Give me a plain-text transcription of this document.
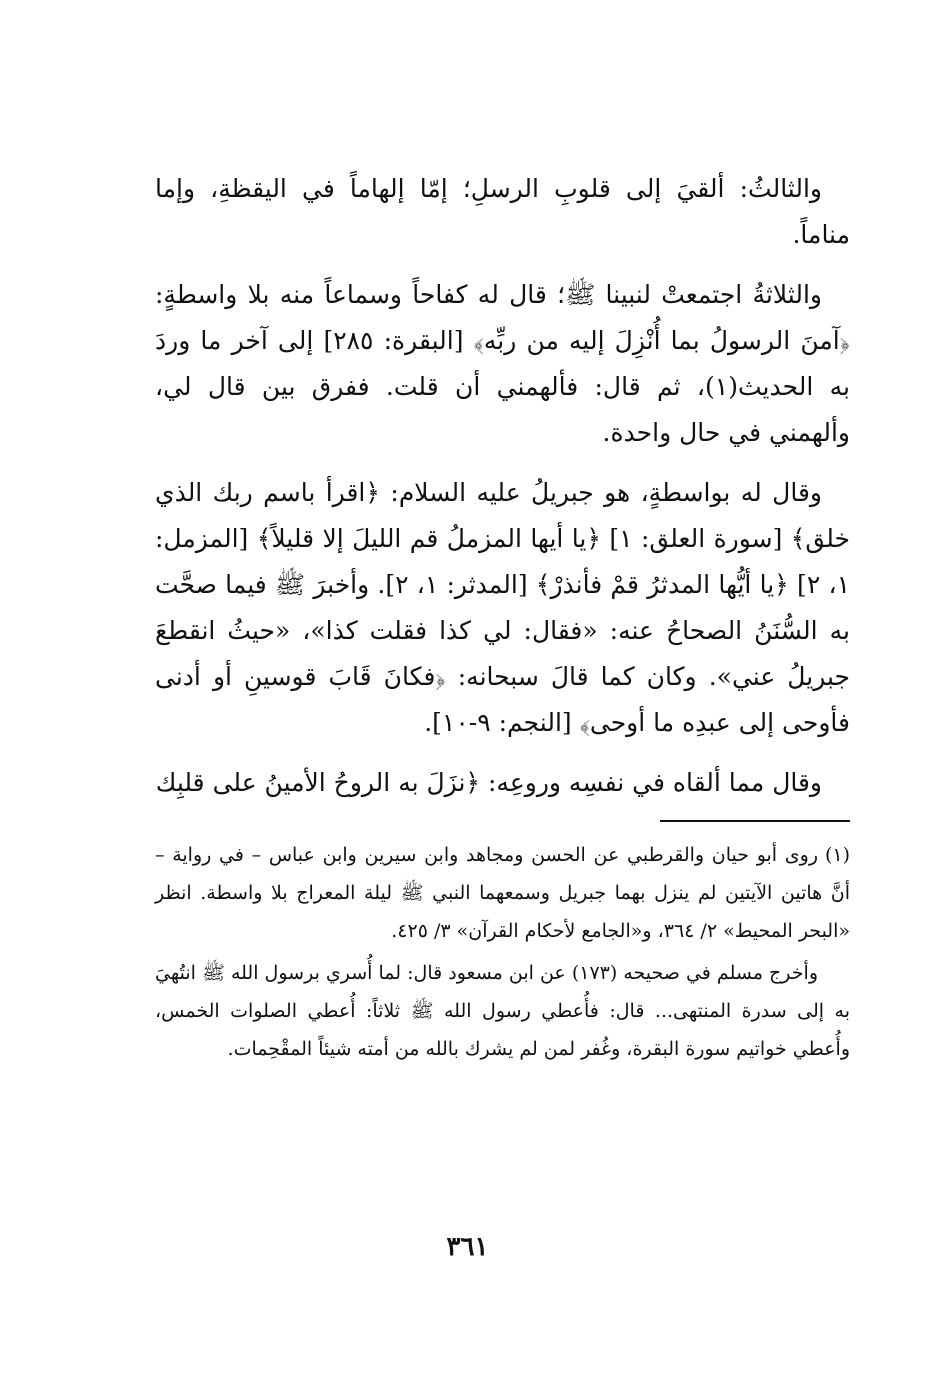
والثالثُ: ألقيَ إلى قلوبِ الرسلِ؛ إمّا إلهاماً في اليقظةِ، وإما مناماً.

والثلاثةُ اجتمعتْ لنبينا ﷺ؛ قال له كفاحاً وسماعاً منه بلا واسطةٍ: ﴿آمنَ الرسولُ بما أُنْزِلَ إليه من ربِّه﴾ [البقرة: ٢٨٥] إلى آخر ما وردَ به الحديث(١)، ثم قال: فألهمني أن قلت. ففرق بين قال لي، وألهمني في حال واحدة.

وقال له بواسطةٍ، هو جبريلُ عليه السلام: ﴿اقرأ باسم ربك الذي خلق﴾ [سورة العلق: ١] ﴿يا أيها المزملُ قم الليلَ إلا قليلاً﴾ [المزمل: ١، ٢] ﴿يا أيُّها المدثرُ قمْ فأنذرْ﴾ [المدثر: ١، ٢]. وأخبرَ ﷺ فيما صحَّت به السُّنَنُ الصحاحُ عنه: «فقال: لي كذا فقلت كذا»، «حيثُ انقطعَ جبريلُ عني». وكان كما قالَ سبحانه: ﴿فكانَ قَابَ قوسينِ أو أدنى فأوحى إلى عبدِه ما أوحى﴾ [النجم: ٩-١٠].

وقال مما ألقاه في نفسِه وروعِه: ﴿نزَلَ به الروحُ الأمينُ على قلبِك

(١)روى أبو حيان والقرطبي عن الحسن ومجاهد وابن سيرين وابن عباس – في رواية – أنَّ هاتين الآيتين لم ينزل بهما جبريل وسمعهما النبي ﷺ ليلة المعراج بلا واسطة. انظر «البحر المحيط» ٢/ ٣٦٤، و«الجامع لأحكام القرآن» ٣/ ٤٢٥.

وأخرج مسلم في صحيحه (١٧٣) عن ابن مسعود قال: لما أُسري برسول الله ﷺ انتُهيَ به إلى سدرة المنتهى... قال: فأُعطي رسول الله ﷺ ثلاثاً: أُعطي الصلوات الخمس، وأُعطي خواتيم سورة البقرة، وغُفر لمن لم يشرك بالله من أمته شيئاً المقْحِمات.

٣٦١
